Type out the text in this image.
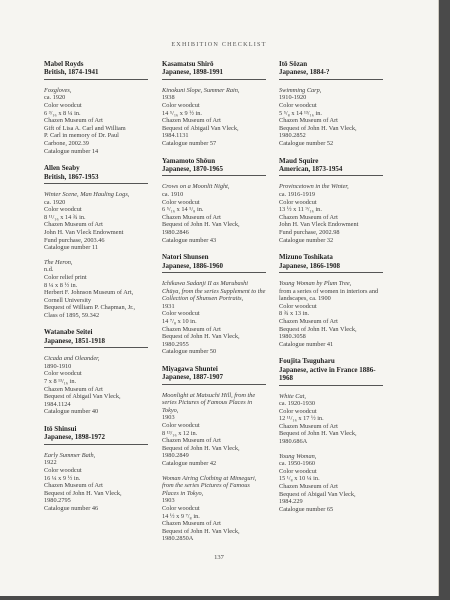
EXHIBITION CHECKLIST
Mabel Royds
British, 1874-1941
Foxgloves,
ca. 1920
Color woodcut
6 ³/₁₆ x 8 ¼ in.
Chazen Museum of Art
Gift of Lisa A. Carl and William
P. Carl in memory of Dr. Paul
Carbone, 2002.39
Catalogue number 14
Allen Seaby
British, 1867-1953
Winter Scene, Man Hauling Logs,
ca. 1920
Color woodcut
8 ¹¹/₁₆ x 14 ¾ in.
Chazen Museum of Art
John H. Van Vleck Endowment
Fund purchase, 2003.46
Catalogue number 11
The Heron,
n.d.
Color relief print
8 ¼ x 8 ½ in.
Herbert F. Johnson Museum of Art,
Cornell University
Bequest of William P. Chapman, Jr.,
Class of 1895, 59.342
Watanabe Seitei
Japanese, 1851-1918
Cicada and Oleander,
1890-1910
Color woodcut
7 x 8 ¹³/₁₆ in.
Chazen Museum of Art
Bequest of Abigail Van Vleck,
1984.1124
Catalogue number 40
Itō Shinsui
Japanese, 1898-1972
Early Summer Bath,
1922
Color woodcut
16 ¼ x 9 ½ in.
Chazen Museum of Art
Bequest of John H. Van Vleck,
1980.2795
Catalogue number 46
Kasamatsu Shirō
Japanese, 1898-1991
Kinokuni Slope, Summer Rain,
1938
Color woodcut
14 ⁵/₁₆ x 9 ½ in.
Chazen Museum of Art
Bequest of Abigail Van Vleck,
1984.1131
Catalogue number 57
Yamamoto Shōun
Japanese, 1870-1965
Crows on a Moonlit Night,
ca. 1910
Color woodcut
6 ⁵/₁₆ x 14 ⁵/₈ in.
Chazen Museum of Art
Bequest of John H. Van Vleck,
1980.2846
Catalogue number 43
Natori Shunsen
Japanese, 1886-1960
Ichikawa Sadanji II as Marubashi Chūya, from the series Supplement to the Collection of Shunsen Portraits,
1931
Color woodcut
14 ⁷/₈ x 10 in.
Chazen Museum of Art
Bequest of John H. Van Vleck,
1980.2955
Catalogue number 50
Miyagawa Shuntei
Japanese, 1887-1907
Moonlight at Matsuchi Hill, from the series Pictures of Famous Places in Tokyo,
1903
Color woodcut
8 ¹³/₁₆ x 12 in.
Chazen Museum of Art
Bequest of John H. Van Vleck,
1980.2849
Catalogue number 42
Woman Airing Clothing at Mimeguri, from the series Pictures of Famous Places in Tokyo,
1903
Color woodcut
14 ½ x 9 ⁷/₈ in.
Chazen Museum of Art
Bequest of John H. Van Vleck,
1980.2850A
Itō Sōzan
Japanese, 1884-?
Swimming Carp,
1910-1920
Color woodcut
5 ⁵/₈ x 14 ¹³/₁₆ in.
Chazen Museum of Art
Bequest of John H. Van Vleck,
1980.2852
Catalogue number 52
Maud Squire
American, 1873-1954
Provincetown in the Winter,
ca. 1916-1919
Color woodcut
13 ½ x 11 ⁹/₁₆ in.
Chazen Museum of Art
John H. Van Vleck Endowment
Fund purchase, 2002.98
Catalogue number 32
Mizuno Toshikata
Japanese, 1866-1908
Young Woman by Plum Tree,
from a series of women in interiors and landscapes, ca. 1900
Color woodcut
8 ¾ x 13 in.
Chazen Museum of Art
Bequest of John H. Van Vleck,
1980.3058
Catalogue number 41
Foujita Tsuguharu
Japanese, active in France 1886-1968
White Cat,
ca. 1920-1930
Color woodcut
12 ¹¹/₁₆ x 17 ½ in.
Chazen Museum of Art
Bequest of John H. Van Vleck,
1980.686A
Young Woman,
ca. 1950-1960
Color woodcut
15 ¹/₈ x 10 ¼ in.
Chazen Museum of Art
Bequest of Abigail Van Vleck,
1984.229
Catalogue number 65
137
